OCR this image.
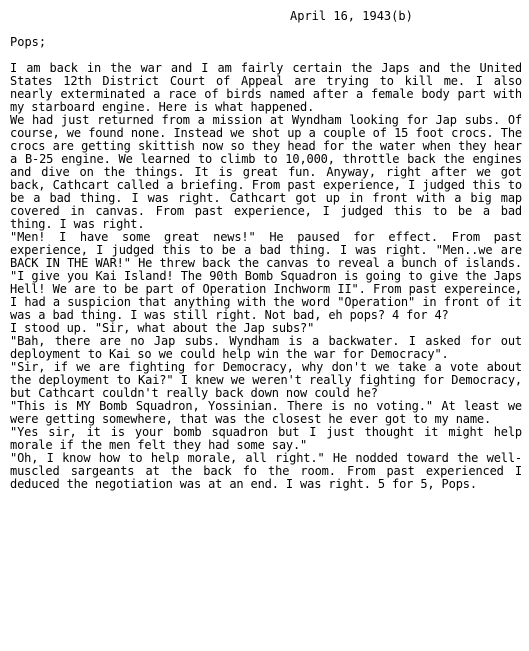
April 16, 1943(b)
Pops;
I am back in the war and I am fairly certain the Japs and the United States 12th District Court of Appeal are trying to kill me. I also nearly exterminated a race of birds named after a female body part with my starboard engine. Here is what happened.
We had just returned from a mission at Wyndham looking for Jap subs. Of course, we found none. Instead we shot up a couple of 15 foot crocs. The crocs are getting skittish now so they head for the water when they hear a B-25 engine. We learned to climb to 10,000, throttle back the engines and dive on the things. It is great fun. Anyway, right after we got back, Cathcart called a briefing. From past experience, I judged this to be a bad thing. I was right. Cathcart got up in front with a big map covered in canvas. From past experience, I judged this to be a bad thing. I was right.
"Men! I have some great news!" He paused for effect. From past experience, I judged this to be a bad thing. I was right. "Men..we are BACK IN THE WAR!" He threw back the canvas to reveal a bunch of islands. "I give you Kai Island! The 90th Bomb Squadron is going to give the Japs Hell! We are to be part of Operation Inchworm II". From past expereince, I had a suspicion that anything with the word "Operation" in front of it was a bad thing. I was still right. Not bad, eh pops? 4 for 4?
I stood up. "Sir, what about the Jap subs?"
"Bah, there are no Jap subs. Wyndham is a backwater. I asked for out deployment to Kai so we could help win the war for Democracy".
"Sir, if we are fighting for Democracy, why don't we take a vote about the deployment to Kai?" I knew we weren't really fighting for Democracy, but Cathcart couldn't really back down now could he?
"This is MY Bomb Squadron, Yossinian. There is no voting." At least we were getting somewhere, that was the closest he ever got to my name.
"Yes sir, it is your bomb squadron but I just thought it might help morale if the men felt they had some say."
"Oh, I know how to help morale, all right." He nodded toward the well-muscled sargeants at the back fo the room. From past experienced I deduced the negotiation was at an end. I was right. 5 for 5, Pops.
